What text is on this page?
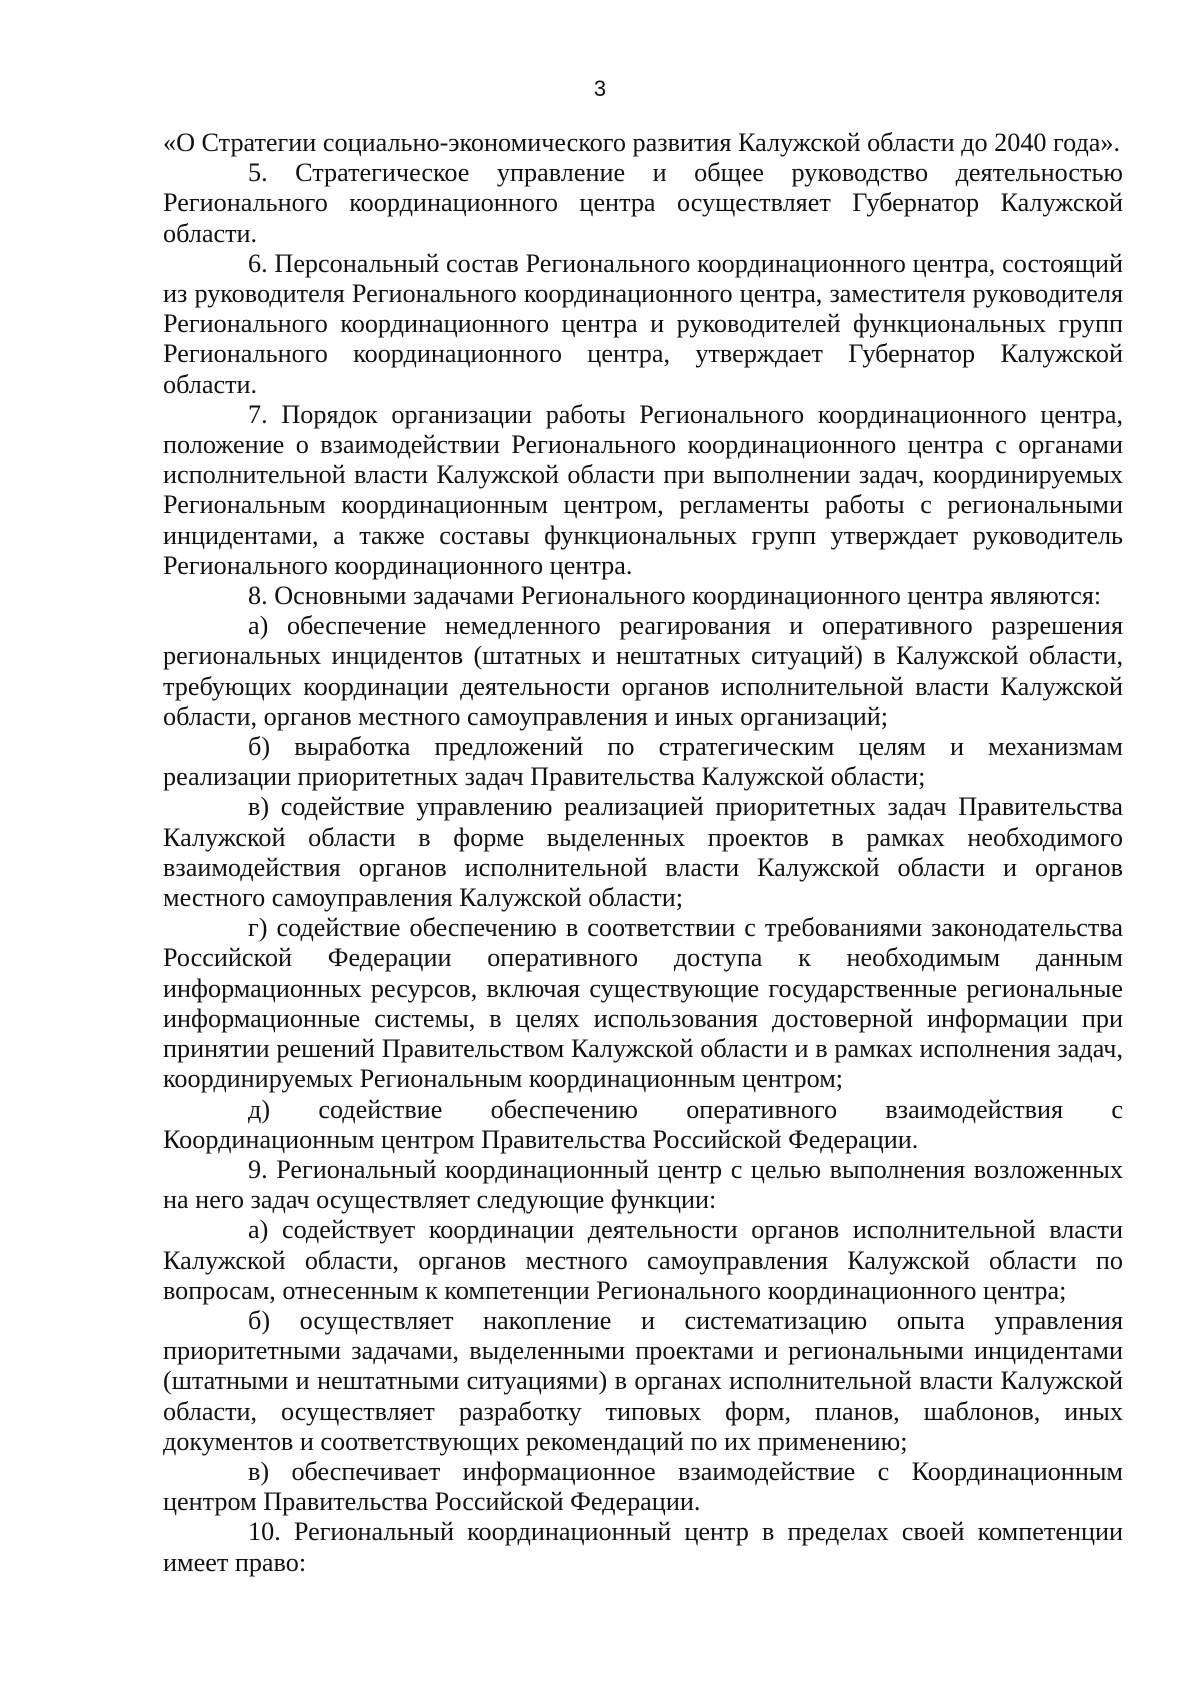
3

«О Стратегии социально-экономического развития Калужской области до 2040 года».

5. Стратегическое управление и общее руководство деятельностью Регионального координационного центра осуществляет Губернатор Калужской области.

6. Персональный состав Регионального координационного центра, состоящий из руководителя Регионального координационного центра, заместителя руководителя Регионального координационного центра и руководителей функциональных групп Регионального координационного центра, утверждает Губернатор Калужской области.

7. Порядок организации работы Регионального координационного центра, положение о взаимодействии Регионального координационного центра с органами исполнительной власти Калужской области при выполнении задач, координируемых Региональным координационным центром, регламенты работы с региональными инцидентами, а также составы функциональных групп утверждает руководитель Регионального координационного центра.

8. Основными задачами Регионального координационного центра являются:

а) обеспечение немедленного реагирования и оперативного разрешения региональных инцидентов (штатных и нештатных ситуаций) в Калужской области, требующих координации деятельности органов исполнительной власти Калужской области, органов местного самоуправления и иных организаций;

б) выработка предложений по стратегическим целям и механизмам реализации приоритетных задач Правительства Калужской области;

в) содействие управлению реализацией приоритетных задач Правительства Калужской области в форме выделенных проектов в рамках необходимого взаимодействия органов исполнительной власти Калужской области и органов местного самоуправления Калужской области;

г) содействие обеспечению в соответствии с требованиями законодательства Российской Федерации оперативного доступа к необходимым данным информационных ресурсов, включая существующие государственные региональные информационные системы, в целях использования достоверной информации при принятии решений Правительством Калужской области и в рамках исполнения задач, координируемых Региональным координационным центром;

д) содействие обеспечению оперативного взаимодействия с Координационным центром Правительства Российской Федерации.

9. Региональный координационный центр с целью выполнения возложенных на него задач осуществляет следующие функции:

а) содействует координации деятельности органов исполнительной власти Калужской области, органов местного самоуправления Калужской области по вопросам, отнесенным к компетенции Регионального координационного центра;

б) осуществляет накопление и систематизацию опыта управления приоритетными задачами, выделенными проектами и региональными инцидентами (штатными и нештатными ситуациями) в органах исполнительной власти Калужской области, осуществляет разработку типовых форм, планов, шаблонов, иных документов и соответствующих рекомендаций по их применению;

в) обеспечивает информационное взаимодействие с Координационным центром Правительства Российской Федерации.

10. Региональный координационный центр в пределах своей компетенции имеет право:
